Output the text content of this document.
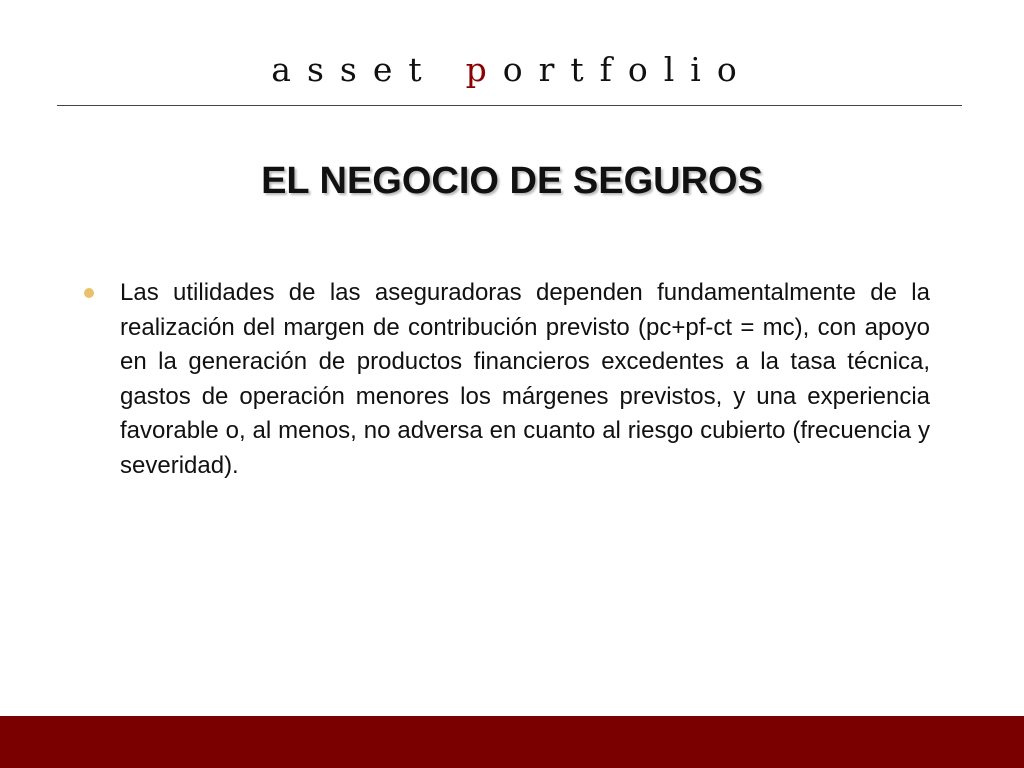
asset portfolio
EL NEGOCIO DE SEGUROS
Las utilidades de las aseguradoras dependen fundamentalmente de la realización del margen de contribución previsto (pc+pf-ct = mc), con apoyo en la generación de productos financieros excedentes a la tasa técnica, gastos de operación menores los márgenes previstos, y una experiencia favorable o, al menos, no adversa en cuanto al riesgo cubierto (frecuencia y severidad).
